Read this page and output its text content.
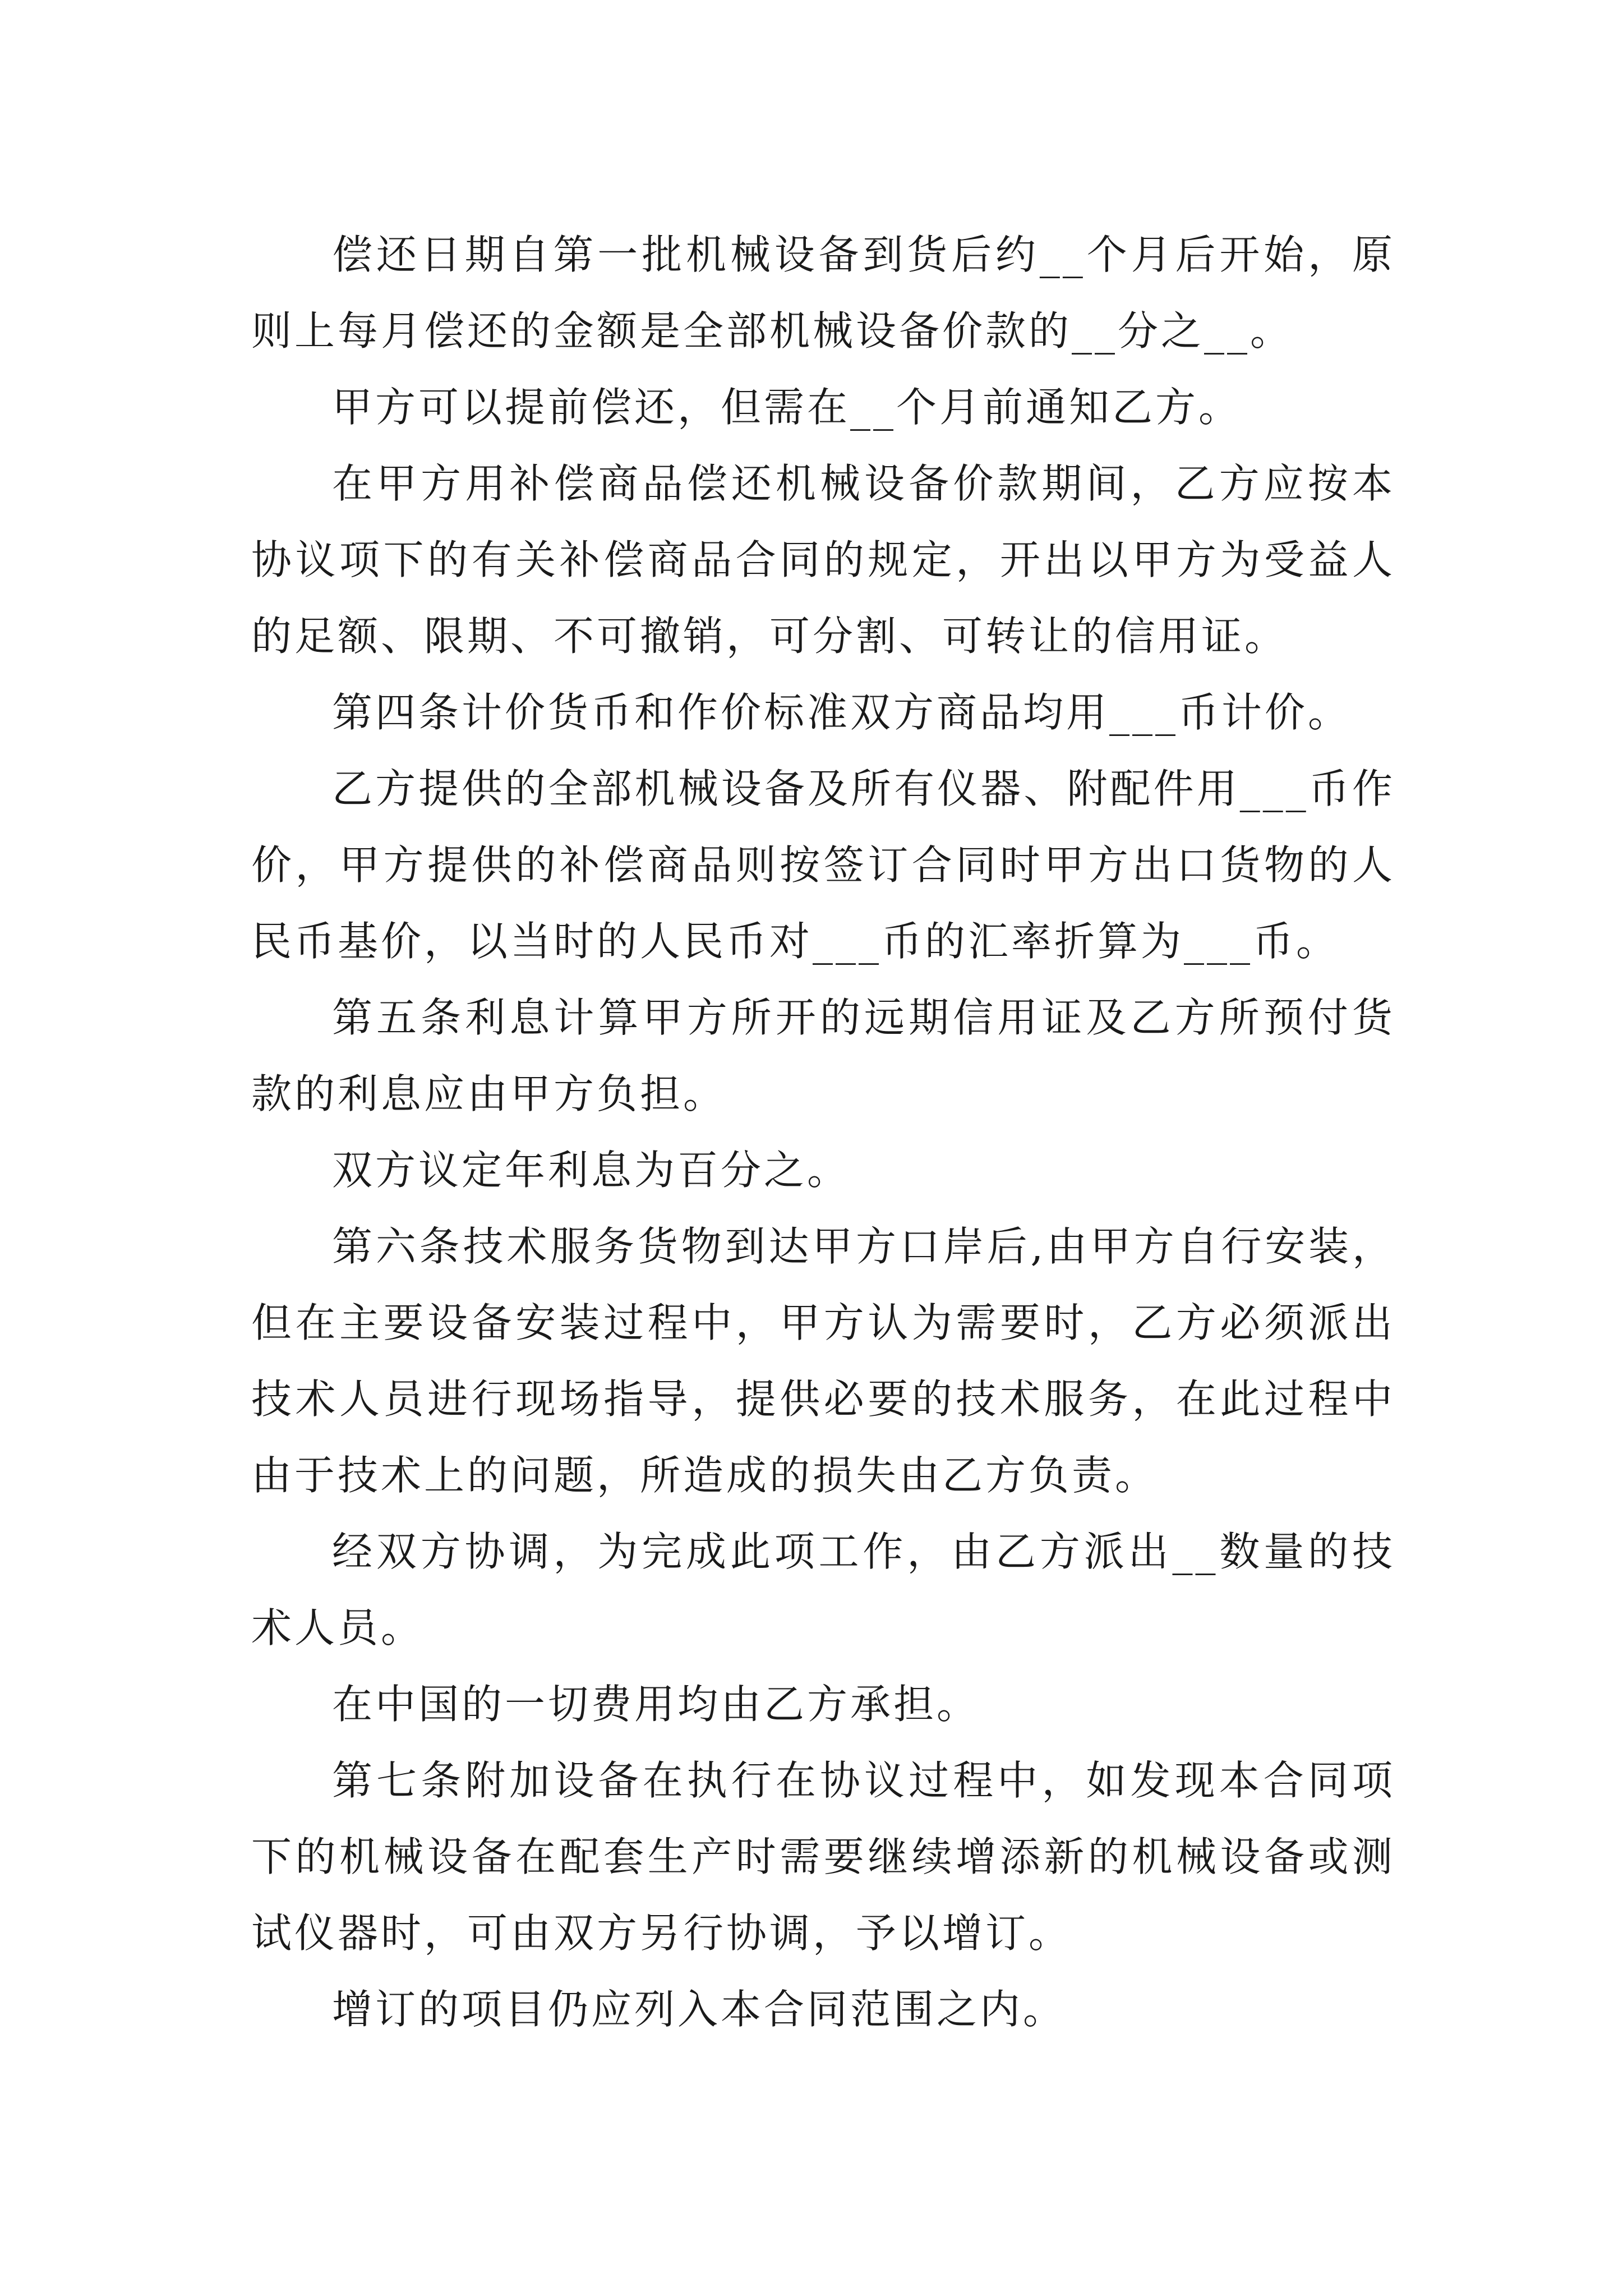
偿还日期自第一批机械设备到货后约__个月后开始，原则上每月偿还的金额是全部机械设备价款的__分之__。

甲方可以提前偿还，但需在__个月前通知乙方。

在甲方用补偿商品偿还机械设备价款期间，乙方应按本协议项下的有关补偿商品合同的规定，开出以甲方为受益人的足额、限期、不可撤销，可分割、可转让的信用证。

第四条计价货币和作价标准双方商品均用___币计价。

乙方提供的全部机械设备及所有仪器、附配件用___币作价，甲方提供的补偿商品则按签订合同时甲方出口货物的人民币基价，以当时的人民币对___币的汇率折算为___币。

第五条利息计算甲方所开的远期信用证及乙方所预付货款的利息应由甲方负担。

双方议定年利息为百分之。

第六条技术服务货物到达甲方口岸后,由甲方自行安装，但在主要设备安装过程中，甲方认为需要时，乙方必须派出技术人员进行现场指导，提供必要的技术服务，在此过程中由于技术上的问题，所造成的损失由乙方负责。

经双方协调，为完成此项工作，由乙方派出__数量的技术人员。

在中国的一切费用均由乙方承担。

第七条附加设备在执行在协议过程中，如发现本合同项下的机械设备在配套生产时需要继续增添新的机械设备或测试仪器时，可由双方另行协调，予以增订。

增订的项目仍应列入本合同范围之内。
